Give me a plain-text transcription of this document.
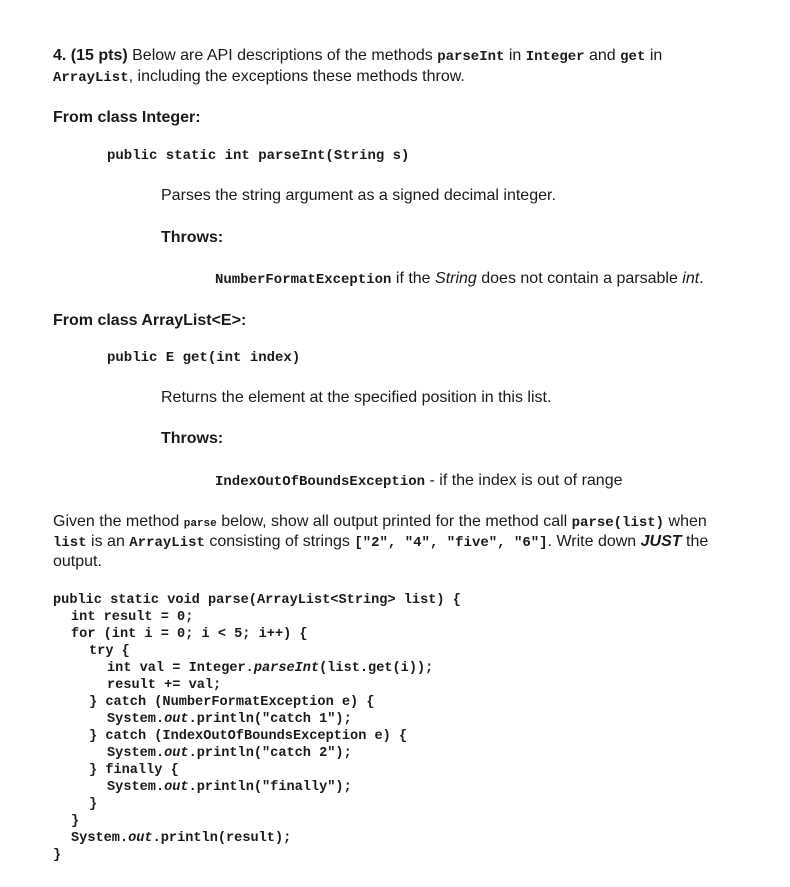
4. (15 pts) Below are API descriptions of the methods parseInt in Integer and get in
ArrayList, including the exceptions these methods throw.
From class Integer:
public static int parseInt(String s)
Parses the string argument as a signed decimal integer.
Throws:
NumberFormatException if the String does not contain a parsable int.
From class ArrayList<E>:
public E get(int index)
Returns the element at the specified position in this list.
Throws:
IndexOutOfBoundsException - if the index is out of range
Given the method parse below, show all output printed for the method call parse(list) when
list is an ArrayList consisting of strings ["2", "4", "five", "6"]. Write down JUST the
output.
public static void parse(ArrayList<String> list) {
int result = 0;
for (int i = 0; i < 5; i++) {
try {
int val = Integer.parseInt(list.get(i));
result += val;
} catch (NumberFormatException e) {
System.out.println("catch 1");
} catch (IndexOutOfBoundsException e) {
System.out.println("catch 2");
} finally {
System.out.println("finally");
}
}
System.out.println(result);
}
